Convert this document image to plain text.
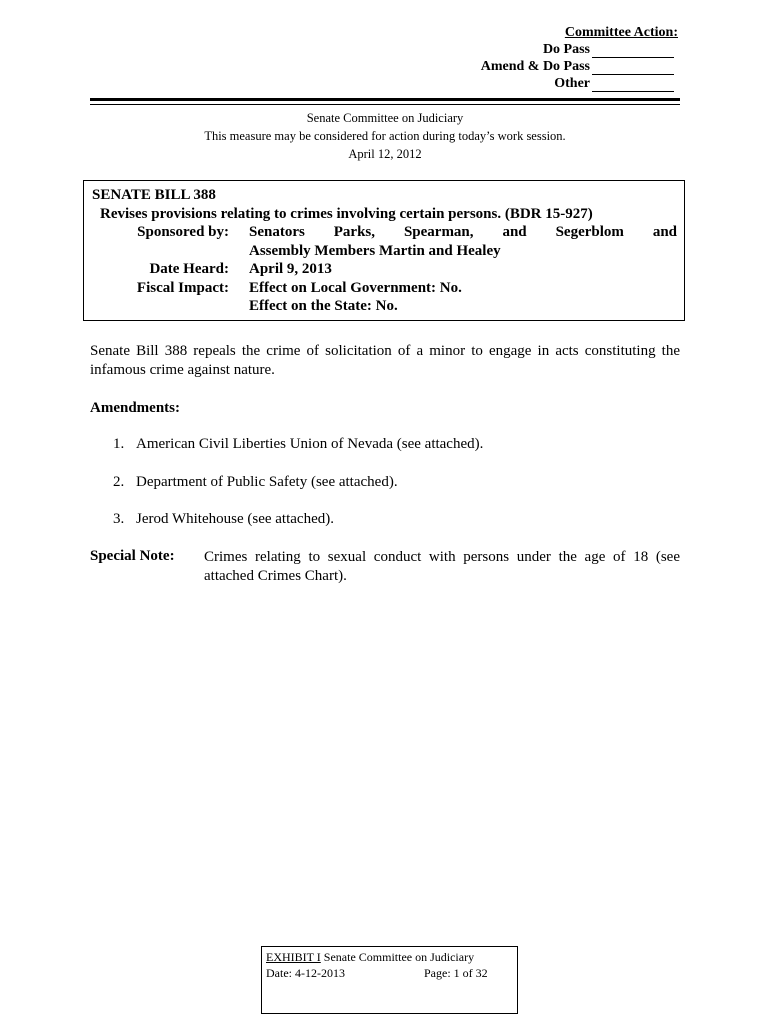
Committee Action:
Do Pass
Amend & Do Pass
Other
Senate Committee on Judiciary
This measure may be considered for action during today’s work session.
April 12, 2012
SENATE BILL 388
Revises provisions relating to crimes involving certain persons. (BDR 15-927)
Sponsored by: Senators Parks, Spearman, and Segerblom and
Assembly Members Martin and Healey
Date Heard: April 9, 2013
Fiscal Impact: Effect on Local Government: No.
Effect on the State: No.
Senate Bill 388 repeals the crime of solicitation of a minor to engage in acts constituting the infamous crime against nature.
Amendments:
1. American Civil Liberties Union of Nevada (see attached).
2. Department of Public Safety (see attached).
3. Jerod Whitehouse (see attached).
Special Note: Crimes relating to sexual conduct with persons under the age of 18 (see attached Crimes Chart).
EXHIBIT I Senate Committee on Judiciary
Date: 4-12-2013	Page: 1 of 32
